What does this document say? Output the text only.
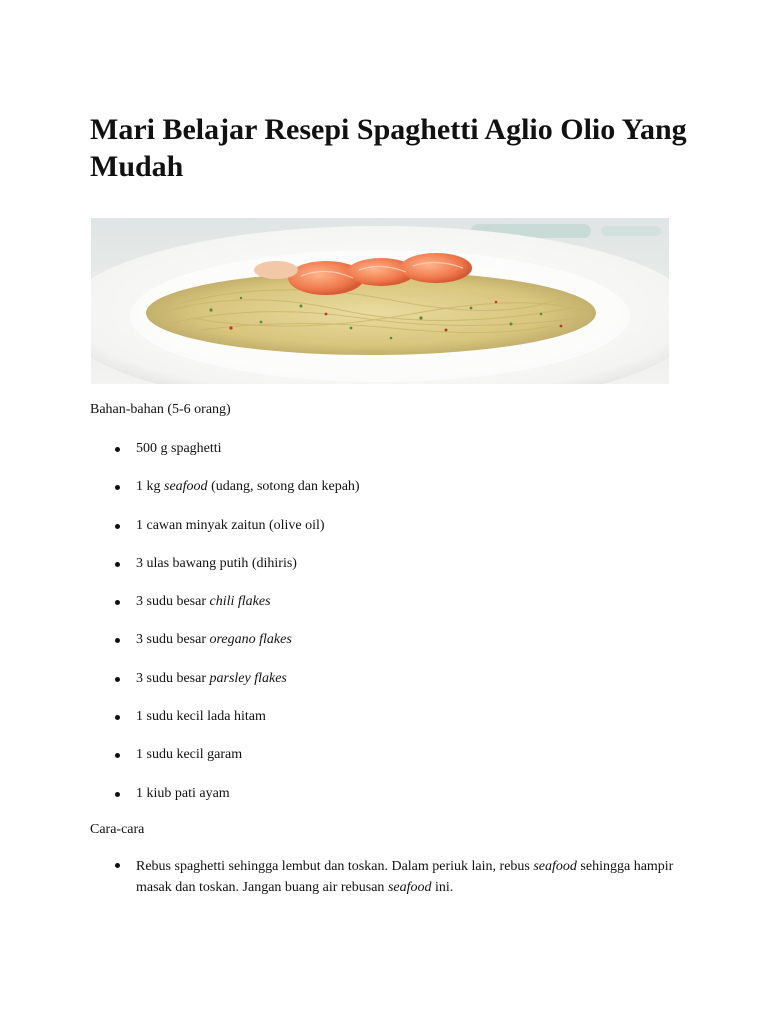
Mari Belajar Resepi Spaghetti Aglio Olio Yang Mudah

Bahan-bahan (5-6 orang)

500 g spaghetti
1 kg seafood (udang, sotong dan kepah)
1 cawan minyak zaitun (olive oil)
3 ulas bawang putih (dihiris)
3 sudu besar chili flakes
3 sudu besar oregano flakes
3 sudu besar parsley flakes
1 sudu kecil lada hitam
1 sudu kecil garam
1 kiub pati ayam

Cara-cara

Rebus spaghetti sehingga lembut dan toskan. Dalam periuk lain, rebus seafood sehingga hampir masak dan toskan. Jangan buang air rebusan seafood ini.
